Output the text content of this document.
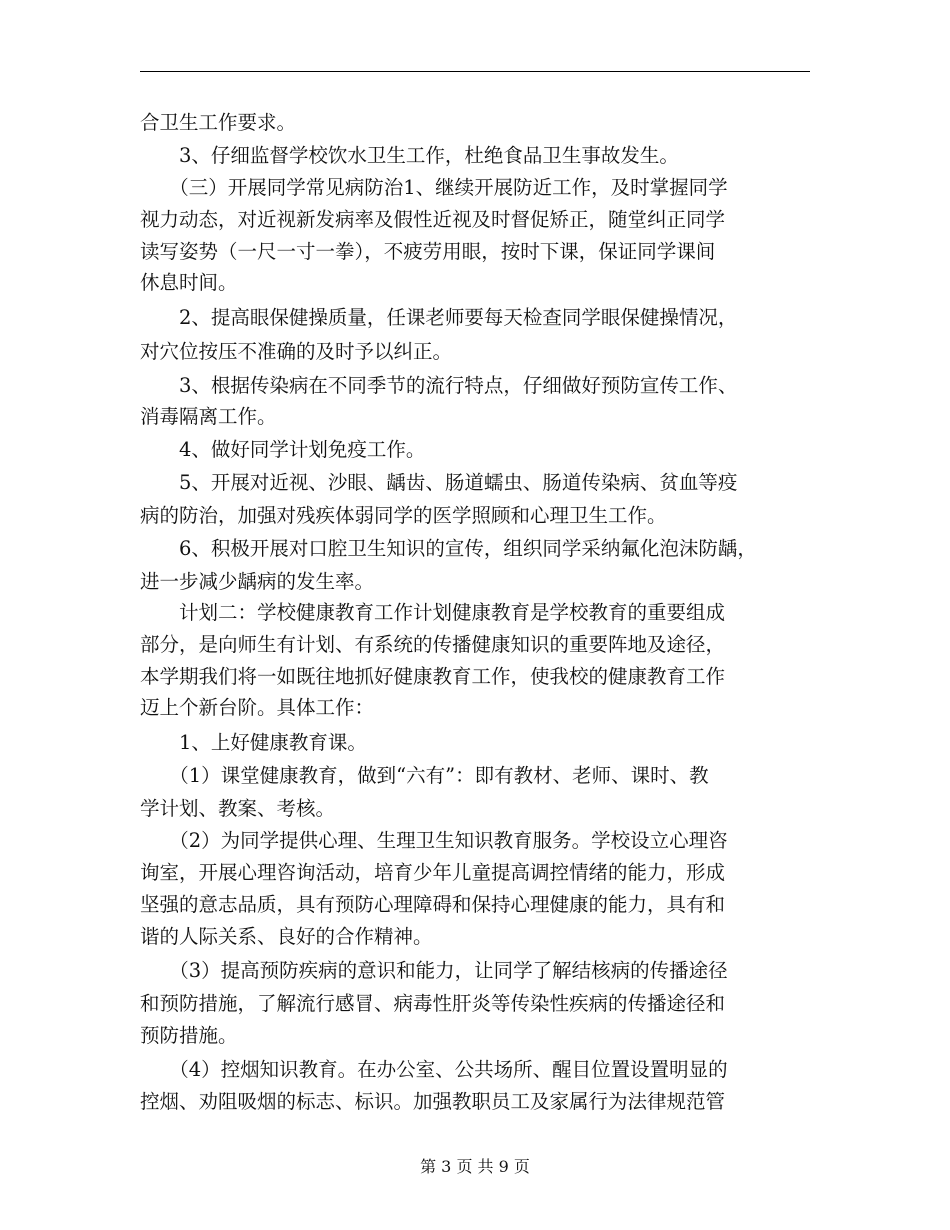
合卫生工作要求。

　　3、仔细监督学校饮水卫生工作，杜绝食品卫生事故发生。

　　（三）开展同学常见病防治1、继续开展防近工作，及时掌握同学

视力动态，对近视新发病率及假性近视及时督促矫正，随堂纠正同学

读写姿势（一尺一寸一拳），不疲劳用眼，按时下课，保证同学课间

休息时间。

　　2、提高眼保健操质量，任课老师要每天检查同学眼保健操情况，

对穴位按压不准确的及时予以纠正。

　　3、根据传染病在不同季节的流行特点，仔细做好预防宣传工作、

消毒隔离工作。

　　4、做好同学计划免疫工作。

　　5、开展对近视、沙眼、龋齿、肠道蠕虫、肠道传染病、贫血等疫

病的防治，加强对残疾体弱同学的医学照顾和心理卫生工作。

　　6、积极开展对口腔卫生知识的宣传，组织同学采纳氟化泡沫防龋，

进一步减少龋病的发生率。

　　计划二：学校健康教育工作计划健康教育是学校教育的重要组成

部分，是向师生有计划、有系统的传播健康知识的重要阵地及途径，

本学期我们将一如既往地抓好健康教育工作，使我校的健康教育工作

迈上个新台阶。具体工作：

　　1、上好健康教育课。

　　（1）课堂健康教育，做到“六有”：即有教材、老师、课时、教

学计划、教案、考核。

　　（2）为同学提供心理、生理卫生知识教育服务。学校设立心理咨

询室，开展心理咨询活动，培育少年儿童提高调控情绪的能力，形成

坚强的意志品质，具有预防心理障碍和保持心理健康的能力，具有和

谐的人际关系、良好的合作精神。

　　（3）提高预防疾病的意识和能力，让同学了解结核病的传播途径

和预防措施，了解流行感冒、病毒性肝炎等传染性疾病的传播途径和

预防措施。

　　（4）控烟知识教育。在办公室、公共场所、醒目位置设置明显的

控烟、劝阻吸烟的标志、标识。加强教职员工及家属行为法律规范管

第 3 页 共 9 页
